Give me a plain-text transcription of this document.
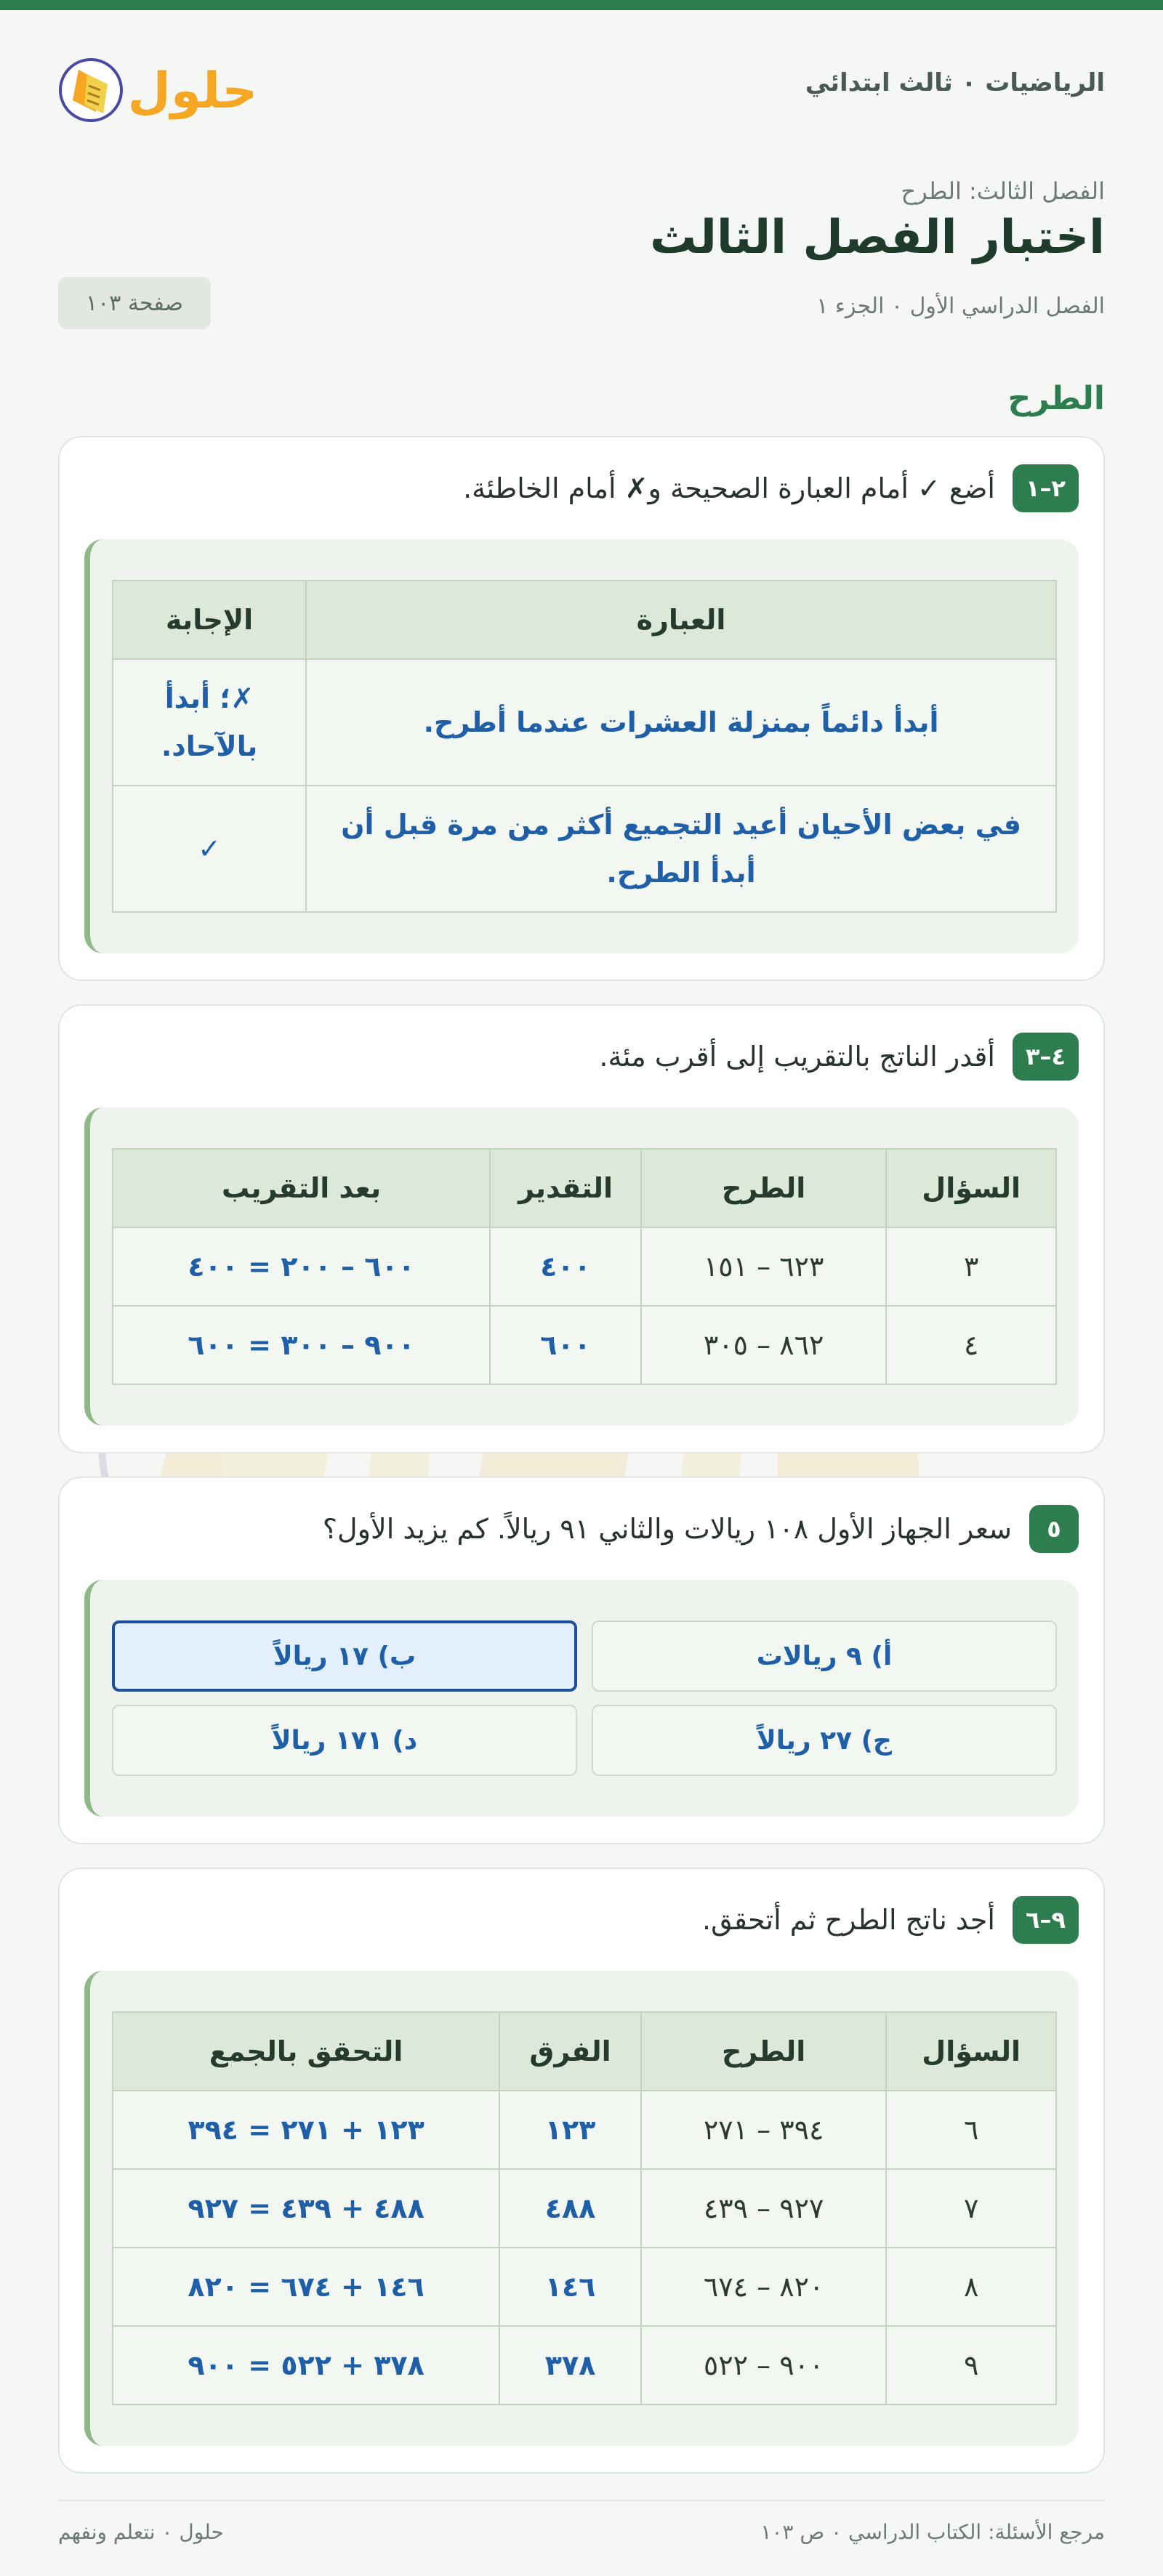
الرياضيات ٠ ثالث ابتدائي
حلول
الفصل الثالث: الطرح
اختبار الفصل الثالث
الفصل الدراسي الأول ٠ الجزء ١
صفحة ١٠٣
الطرح
٢–١
أضع ✓ أمام العبارة الصحيحة و✗ أمام الخاطئة.
العبارة	الإجابة
أبدأ دائماً بمنزلة العشرات عندما أطرح.	✗؛ أبدأ بالآحاد.
في بعض الأحيان أعيد التجميع أكثر من مرة قبل أن أبدأ الطرح.	✓
٤–٣
أقدر الناتج بالتقريب إلى أقرب مئة.
السؤال	الطرح	التقدير	بعد التقريب
٣	٦٢٣ – ١٥١	٤٠٠	٦٠٠ – ٢٠٠ = ٤٠٠
٤	٨٦٢ – ٣٠٥	٦٠٠	٩٠٠ – ٣٠٠ = ٦٠٠
٥
سعر الجهاز الأول ١٠٨ ريالات والثاني ٩١ ريالاً. كم يزيد الأول؟
أ) ٩ ريالات
ب) ١٧ ريالاً
ج) ٢٧ ريالاً
د) ١٧١ ريالاً
٩–٦
أجد ناتج الطرح ثم أتحقق.
السؤال	الطرح	الفرق	التحقق بالجمع
٦	٣٩٤ – ٢٧١	١٢٣	١٢٣ + ٢٧١ = ٣٩٤
٧	٩٢٧ – ٤٣٩	٤٨٨	٤٨٨ + ٤٣٩ = ٩٢٧
٨	٨٢٠ – ٦٧٤	١٤٦	١٤٦ + ٦٧٤ = ٨٢٠
٩	٩٠٠ – ٥٢٢	٣٧٨	٣٧٨ + ٥٢٢ = ٩٠٠
مرجع الأسئلة: الكتاب الدراسي ٠ ص ١٠٣
حلول ٠ نتعلم ونفهم
